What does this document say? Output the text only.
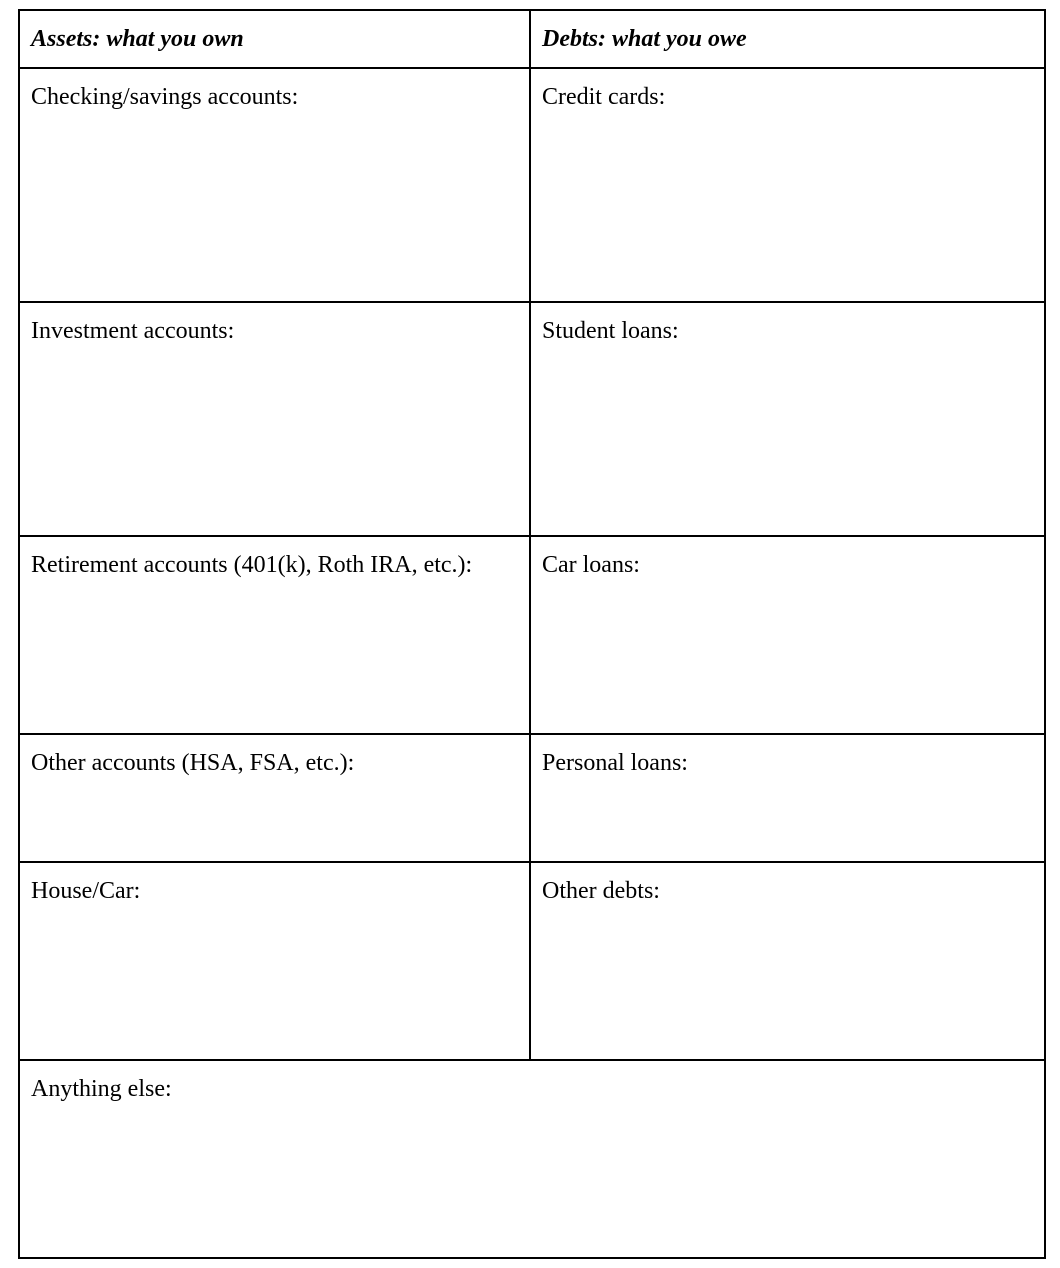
Assets: what you own	Debts: what you owe

Checking/savings accounts:	Credit cards:

Investment accounts:	Student loans:

Retirement accounts (401(k), Roth IRA, etc.):	Car loans:

Other accounts (HSA, FSA, etc.):	Personal loans:

House/Car:	Other debts:

Anything else:	
